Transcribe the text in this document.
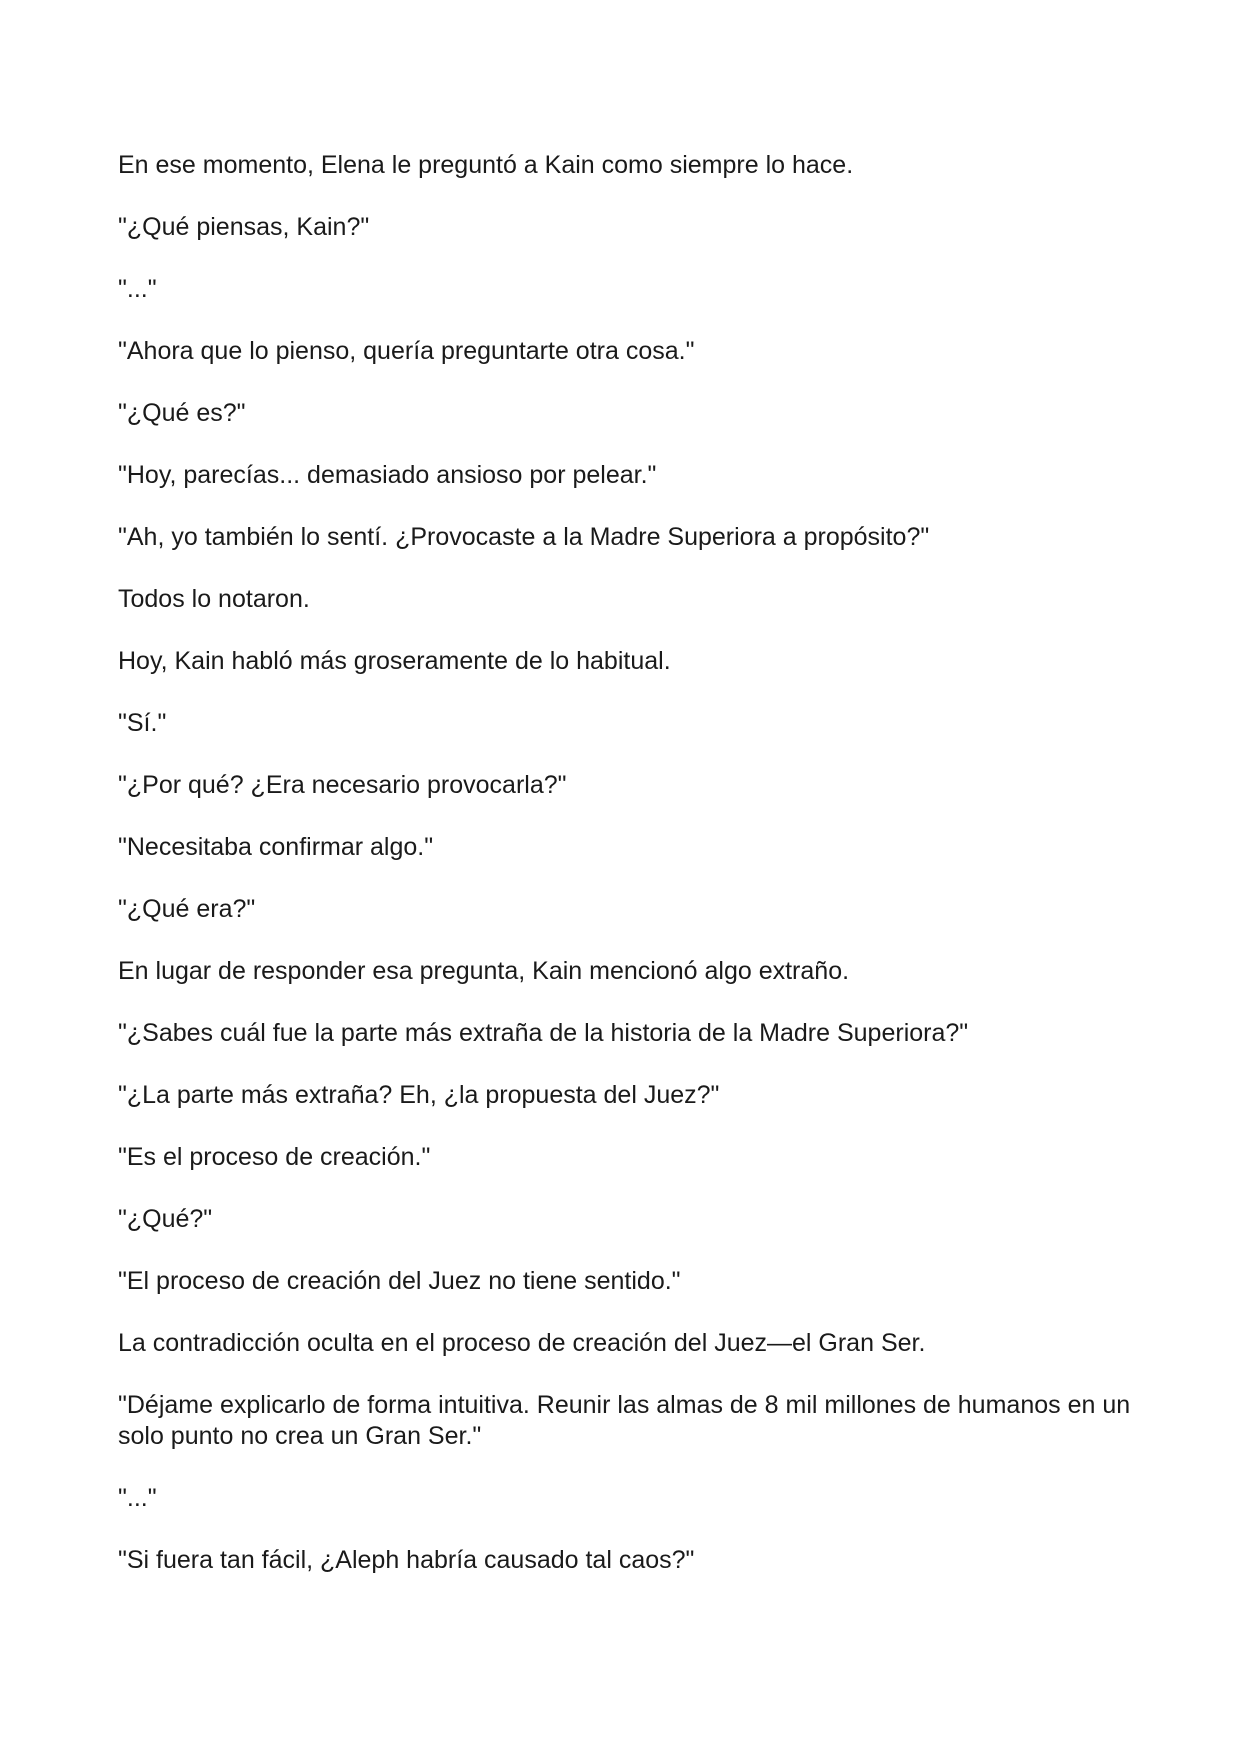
En ese momento, Elena le preguntó a Kain como siempre lo hace.

"¿Qué piensas, Kain?"

"..."

"Ahora que lo pienso, quería preguntarte otra cosa."

"¿Qué es?"

"Hoy, parecías... demasiado ansioso por pelear."

"Ah, yo también lo sentí. ¿Provocaste a la Madre Superiora a propósito?"

Todos lo notaron.

Hoy, Kain habló más groseramente de lo habitual.

"Sí."

"¿Por qué? ¿Era necesario provocarla?"

"Necesitaba confirmar algo."

"¿Qué era?"

En lugar de responder esa pregunta, Kain mencionó algo extraño.

"¿Sabes cuál fue la parte más extraña de la historia de la Madre Superiora?"

"¿La parte más extraña? Eh, ¿la propuesta del Juez?"

"Es el proceso de creación."

"¿Qué?"

"El proceso de creación del Juez no tiene sentido."

La contradicción oculta en el proceso de creación del Juez—el Gran Ser.

"Déjame explicarlo de forma intuitiva. Reunir las almas de 8 mil millones de humanos en un solo punto no crea un Gran Ser."

"..."

"Si fuera tan fácil, ¿Aleph habría causado tal caos?"
